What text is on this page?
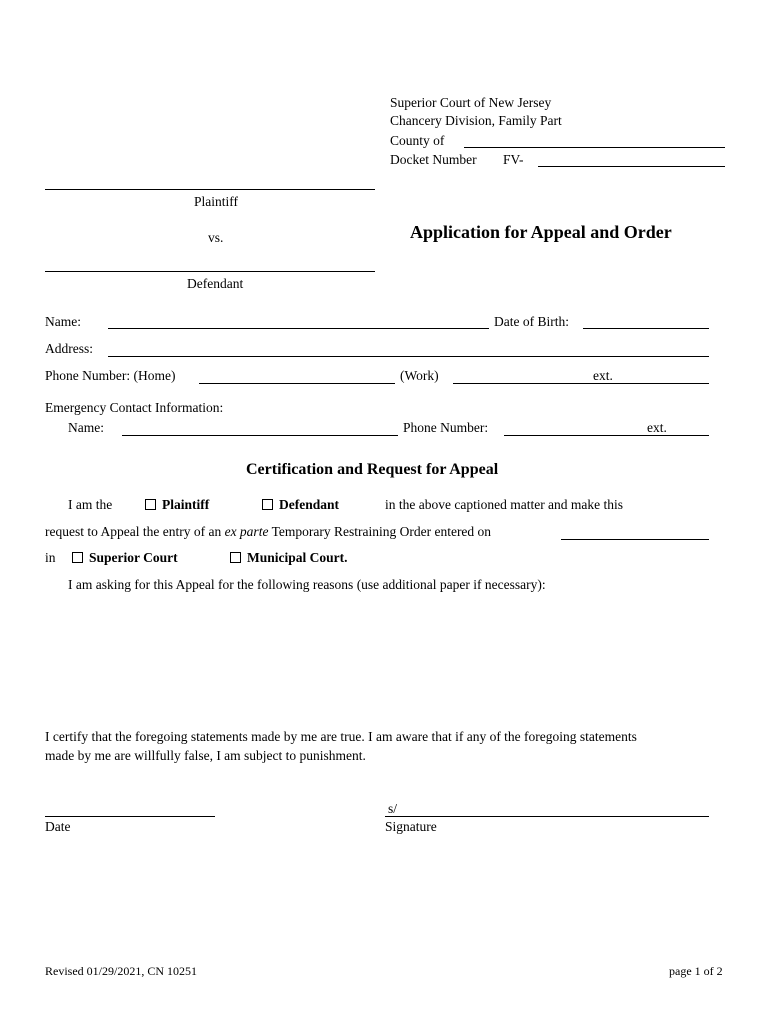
Superior Court of New Jersey
Chancery Division, Family Part
County of
Docket Number FV-
Plaintiff
vs.	Application for Appeal and Order
Defendant
Name:	Date of Birth:
Address:
Phone Number: (Home)	(Work)	ext.
Emergency Contact Information:
Name:	Phone Number:	ext.
Certification and Request for Appeal
I am the	Plaintiff	Defendant	in the above captioned matter and make this
request to Appeal the entry of an ex parte Temporary Restraining Order entered on
in Superior Court	Municipal Court.
I am asking for this Appeal for the following reasons (use additional paper if necessary):
I certify that the foregoing statements made by me are true. I am aware that if any of the foregoing statements
made by me are willfully false, I am subject to punishment.
Date
s/
Signature
Revised 01/29/2021, CN 10251	page 1 of 2
